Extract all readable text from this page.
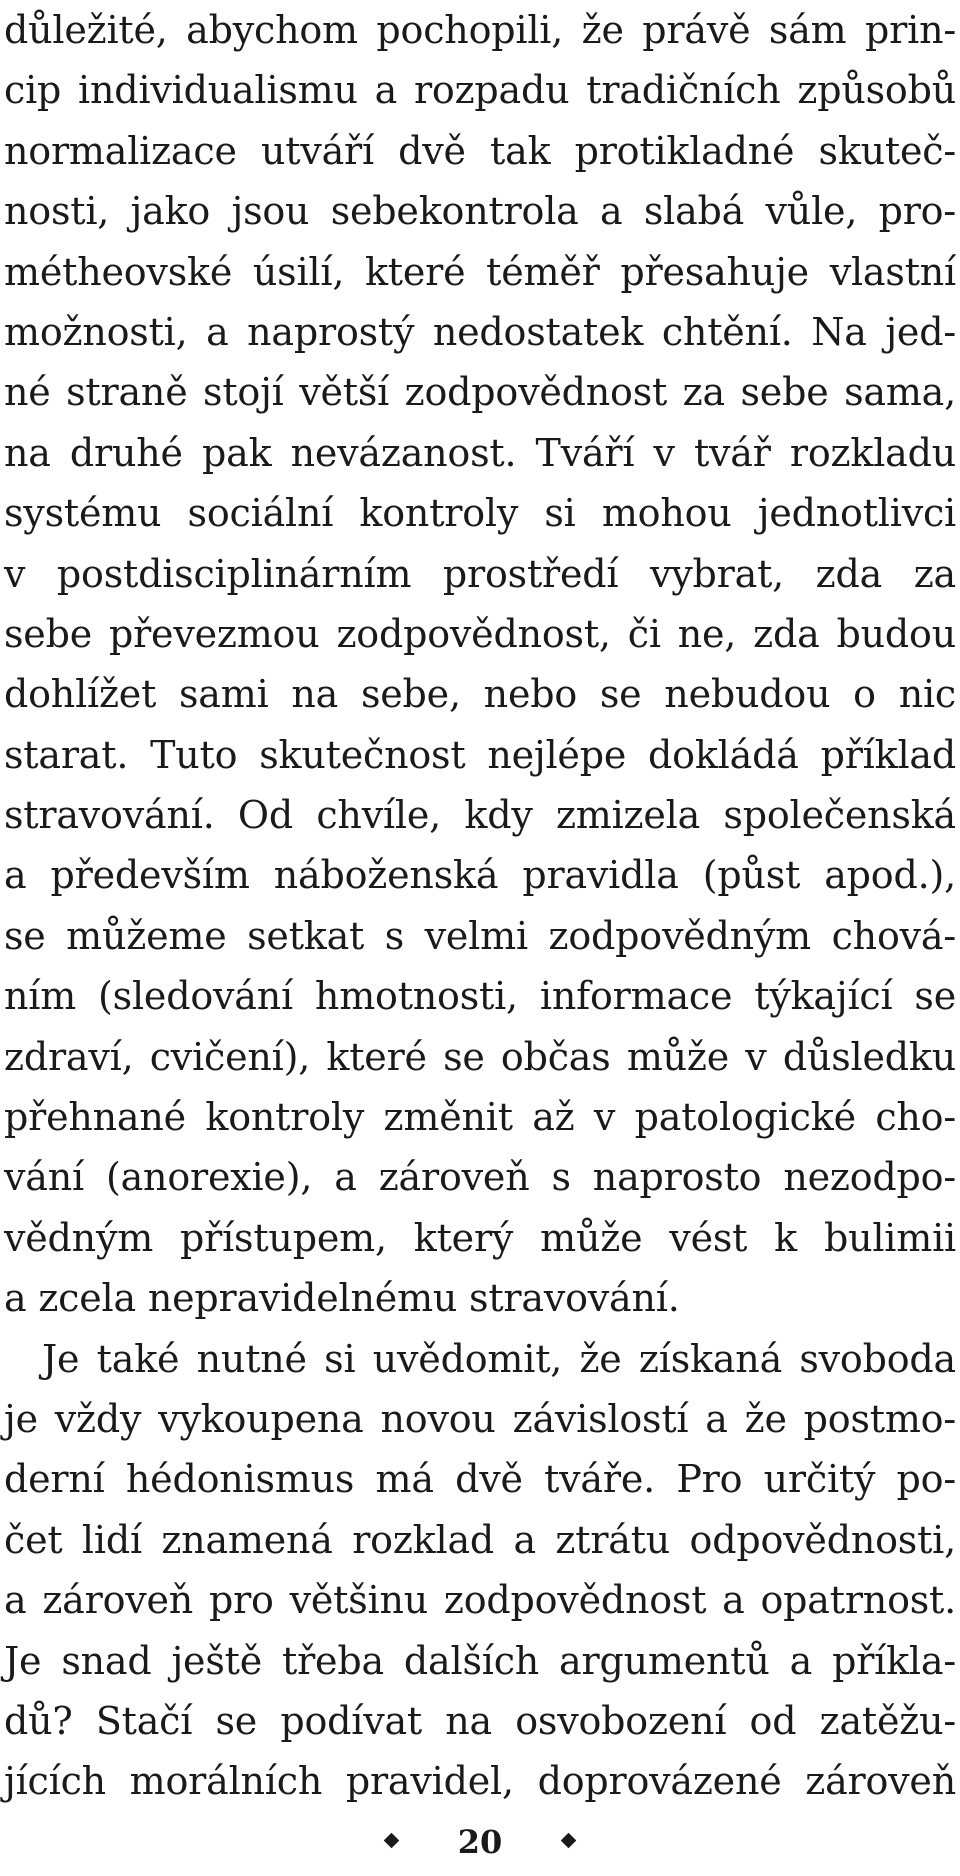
důležité, abychom pochopili, že právě sám prin-
cip individualismu a rozpadu tradičních způsobů
normalizace utváří dvě tak protikladné skuteč-
nosti, jako jsou sebekontrola a slabá vůle, pro-
métheovské úsilí, které téměř přesahuje vlastní
možnosti, a naprostý nedostatek chtění. Na jed-
né straně stojí větší zodpovědnost za sebe sama,
na druhé pak nevázanost. Tváří v tvář rozkladu
systému sociální kontroly si mohou jednotlivci
v postdisciplinárním prostředí vybrat, zda za
sebe převezmou zodpovědnost, či ne, zda budou
dohlížet sami na sebe, nebo se nebudou o nic
starat. Tuto skutečnost nejlépe dokládá příklad
stravování. Od chvíle, kdy zmizela společenská
a především náboženská pravidla (půst apod.),
se můžeme setkat s velmi zodpovědným chová-
ním (sledování hmotnosti, informace týkající se
zdraví, cvičení), které se občas může v důsledku
přehnané kontroly změnit až v patologické cho-
vání (anorexie), a zároveň s naprosto nezodpo-
vědným přístupem, který může vést k bulimii
a zcela nepravidelnému stravování.
Je také nutné si uvědomit, že získaná svoboda
je vždy vykoupena novou závislostí a že postmo-
derní hédonismus má dvě tváře. Pro určitý po-
čet lidí znamená rozklad a ztrátu odpovědnosti,
a zároveň pro většinu zodpovědnost a opatrnost.
Je snad ještě třeba dalších argumentů a příkla-
dů? Stačí se podívat na osvobození od zatěžu-
jících morálních pravidel, doprovázené zároveň
20
